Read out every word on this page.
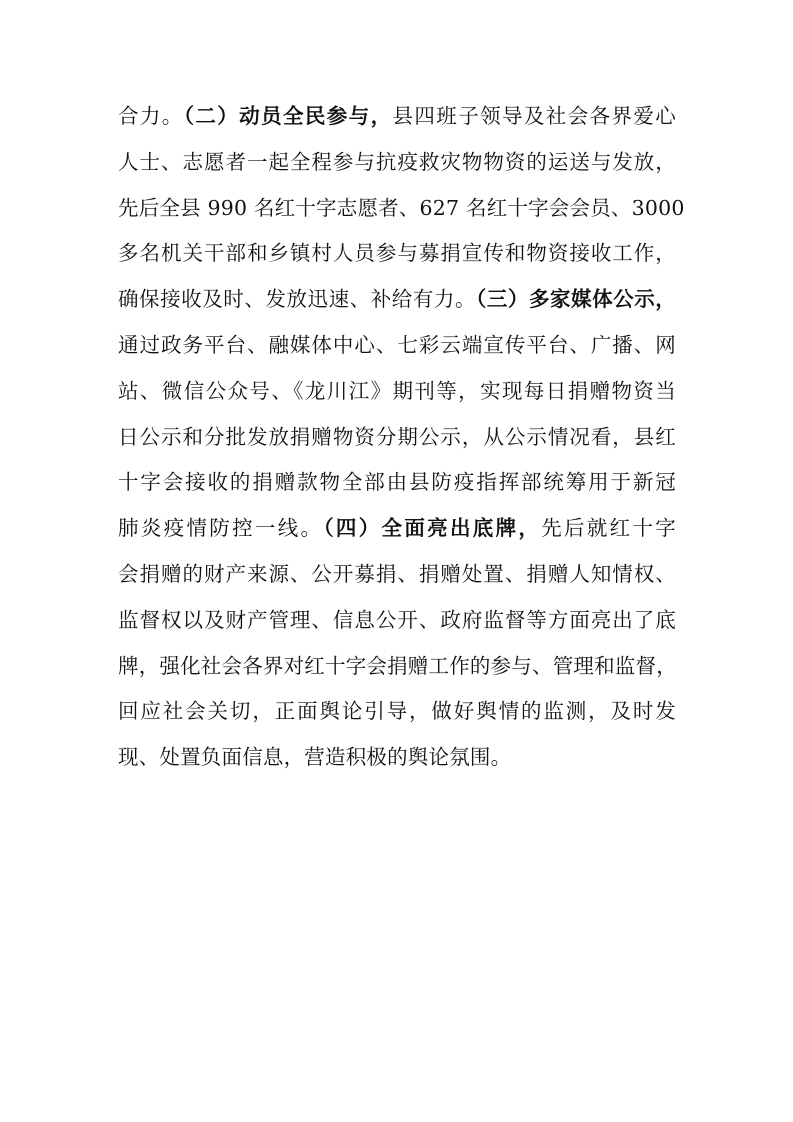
合力。（二）动员全民参与，县四班子领导及社会各界爱心
人士、志愿者一起全程参与抗疫救灾物物资的运送与发放，
先后全县 990 名红十字志愿者、627 名红十字会会员、3000
多名机关干部和乡镇村人员参与募捐宣传和物资接收工作，
确保接收及时、发放迅速、补给有力。（三）多家媒体公示，
通过政务平台、融媒体中心、七彩云端宣传平台、广播、网
站、微信公众号、《龙川江》期刊等，实现每日捐赠物资当
日公示和分批发放捐赠物资分期公示，从公示情况看，县红
十字会接收的捐赠款物全部由县防疫指挥部统筹用于新冠
肺炎疫情防控一线。（四）全面亮出底牌，先后就红十字
会捐赠的财产来源、公开募捐、捐赠处置、捐赠人知情权、
监督权以及财产管理、信息公开、政府监督等方面亮出了底
牌，强化社会各界对红十字会捐赠工作的参与、管理和监督，
回应社会关切，正面舆论引导，做好舆情的监测，及时发
现、处置负面信息，营造积极的舆论氛围。
